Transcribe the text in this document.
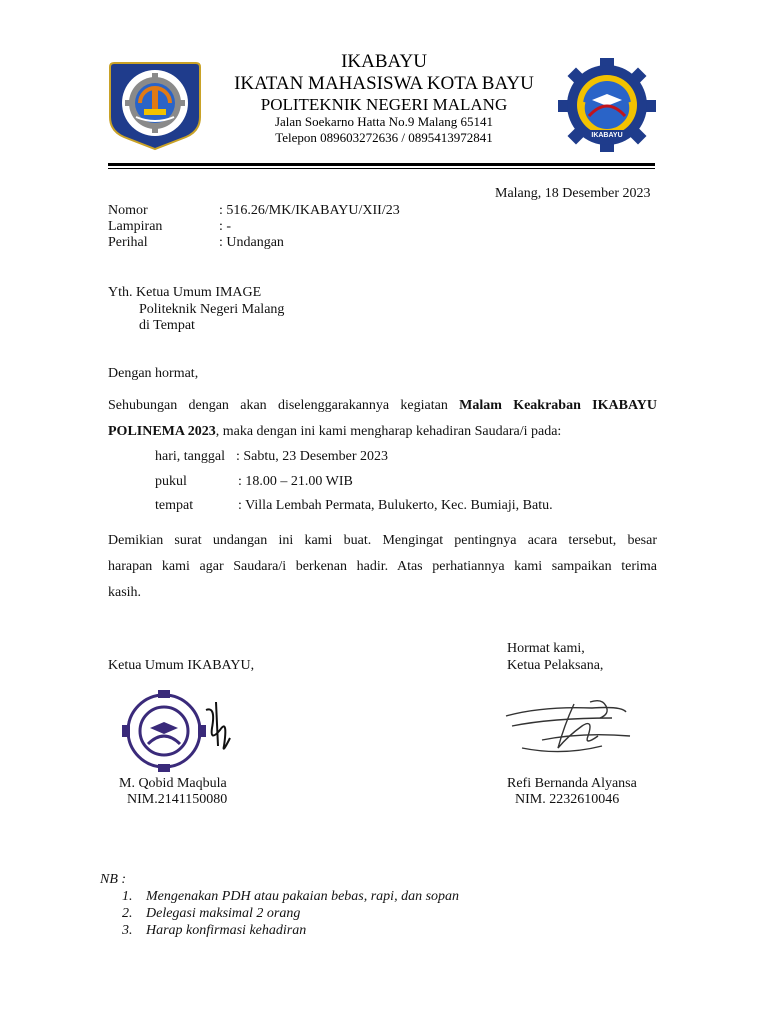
IKABAYU
IKABAYU
IKATAN MAHASISWA KOTA BAYU
POLITEKNIK NEGERI MALANG
Jalan Soekarno Hatta No.9 Malang 65141
Telepon 089603272636 / 0895413972841
Malang, 18 Desember 2023
Nomor	: 516.26/MK/IKABAYU/XII/23
Lampiran	: -
Perihal	: Undangan
Yth. Ketua Umum IMAGE
Politeknik Negeri Malang
di Tempat
Dengan hormat,
Sehubungan dengan akan diselenggarakannya kegiatan Malam Keakraban IKABAYU
POLINEMA 2023, maka dengan ini kami mengharap kehadiran Saudara/i pada:
hari, tanggal : Sabtu, 23 Desember 2023
pukul	: 18.00 – 21.00 WIB
tempat	: Villa Lembah Permata, Bulukerto, Kec. Bumiaji, Batu.
Demikian surat undangan ini kami buat. Mengingat pentingnya acara tersebut, besar
harapan kami agar Saudara/i berkenan hadir. Atas perhatiannya kami sampaikan terima
kasih.
Hormat kami,
Ketua Umum IKABAYU,	Ketua Pelaksana,
M. Qobid Maqbula
NIM.2141150080
Refi Bernanda Alyansa
NIM. 2232610046
NB :
1. Mengenakan PDH atau pakaian bebas, rapi, dan sopan
2. Delegasi maksimal 2 orang
3. Harap konfirmasi kehadiran
